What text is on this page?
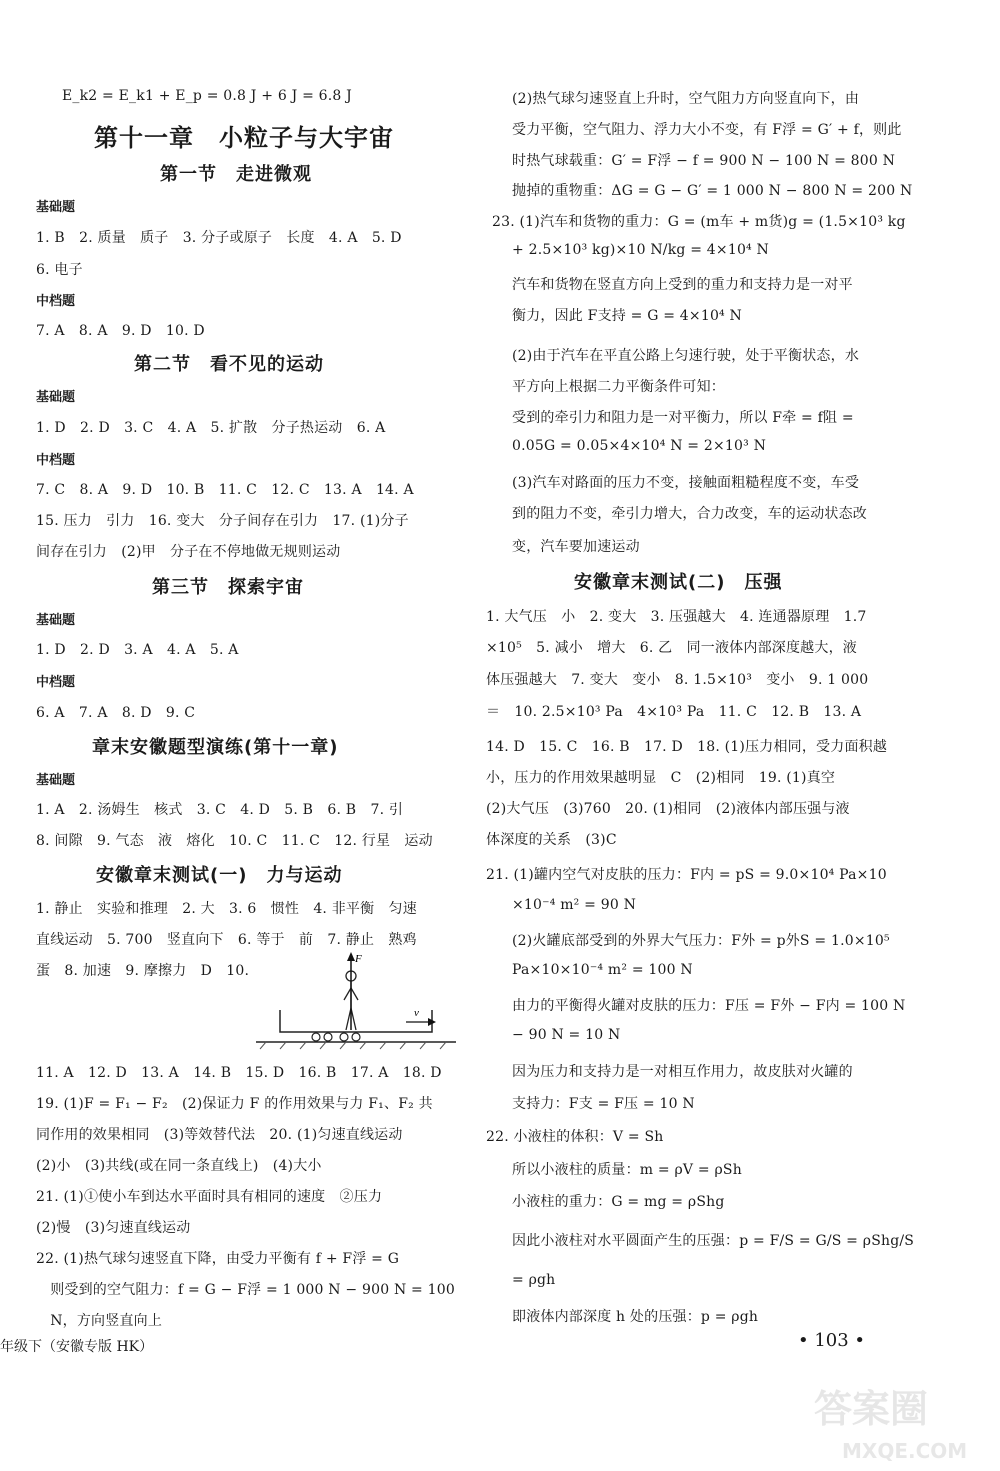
E_k2 = E_k1 + E_p = 0.8 J + 6 J = 6.8 J
第十一章　小粒子与大宇宙
第一节　走进微观
基础题
1. B　2. 质量　质子　3. 分子或原子　长度　4. A　5. D
6. 电子
中档题
7. A　8. A　9. D　10. D
第二节　看不见的运动
基础题
1. D　2. D　3. C　4. A　5. 扩散　分子热运动　6. A
中档题
7. C　8. A　9. D　10. B　11. C　12. C　13. A　14. A
15. 压力　引力　16. 变大　分子间存在引力　17. (1)分子
间存在引力　(2)甲　分子在不停地做无规则运动
第三节　探索宇宙
基础题
1. D　2. D　3. A　4. A　5. A
中档题
6. A　7. A　8. D　9. C
章末安徽题型演练(第十一章)
基础题
1. A　2. 汤姆生　核式　3. C　4. D　5. B　6. B　7. 引
8. 间隙　9. 气态　液　熔化　10. C　11. C　12. 行星　运动
安徽章末测试(一)　力与运动
1. 静止　实验和推理　2. 大　3. 6　惯性　4. 非平衡　匀速
直线运动　5. 700　竖直向下　6. 等于　前　7. 静止　熟鸡
蛋　8. 加速　9. 摩擦力　D　10.
F
v
11. A　12. D　13. A　14. B　15. D　16. B　17. A　18. D
19. (1)F = F₁ − F₂　(2)保证力 F 的作用效果与力 F₁、F₂ 共
同作用的效果相同　(3)等效替代法　20. (1)匀速直线运动
(2)小　(3)共线(或在同一条直线上)　(4)大小
21. (1)①使小车到达水平面时具有相同的速度　②压力
(2)慢　(3)匀速直线运动
22. (1)热气球匀速竖直下降，由受力平衡有 f + F浮 = G
　则受到的空气阻力：f = G − F浮 = 1 000 N − 900 N = 100
　N，方向竖直向上
年级下（安徽专版 HK）
(2)热气球匀速竖直上升时，空气阻力方向竖直向下，由
受力平衡，空气阻力、浮力大小不变，有 F浮 = G′ + f，则此
时热气球载重：G′ = F浮 − f = 900 N − 100 N = 800 N
抛掉的重物重：ΔG = G − G′ = 1 000 N − 800 N = 200 N
23. (1)汽车和货物的重力：G = (m车 + m货)g = (1.5×10³ kg
+ 2.5×10³ kg)×10 N/kg = 4×10⁴ N
汽车和货物在竖直方向上受到的重力和支持力是一对平
衡力，因此 F支持 = G = 4×10⁴ N
(2)由于汽车在平直公路上匀速行驶，处于平衡状态，水
平方向上根据二力平衡条件可知：
受到的牵引力和阻力是一对平衡力，所以 F牵 = f阻 =
0.05G = 0.05×4×10⁴ N = 2×10³ N
(3)汽车对路面的压力不变，接触面粗糙程度不变，车受
到的阻力不变，牵引力增大，合力改变，车的运动状态改
变，汽车要加速运动
安徽章末测试(二)　压强
1. 大气压　小　2. 变大　3. 压强越大　4. 连通器原理　1.7
×10⁵　5. 减小　增大　6. 乙　同一液体内部深度越大，液
体压强越大　7. 变大　变小　8. 1.5×10³　变小　9. 1 000
＝　10. 2.5×10³ Pa　4×10³ Pa　11. C　12. B　13. A
14. D　15. C　16. B　17. D　18. (1)压力相同，受力面积越
小，压力的作用效果越明显　C　(2)相同　19. (1)真空
(2)大气压　(3)760　20. (1)相同　(2)液体内部压强与液
体深度的关系　(3)C
21. (1)罐内空气对皮肤的压力：F内 = pS = 9.0×10⁴ Pa×10
×10⁻⁴ m² = 90 N
(2)火罐底部受到的外界大气压力：F外 = p外S = 1.0×10⁵
Pa×10×10⁻⁴ m² = 100 N
由力的平衡得火罐对皮肤的压力：F压 = F外 − F内 = 100 N
− 90 N = 10 N
因为压力和支持力是一对相互作用力，故皮肤对火罐的
支持力：F支 = F压 = 10 N
22. 小液柱的体积：V = Sh
所以小液柱的质量：m = ρV = ρSh
小液柱的重力：G = mg = ρShg
因此小液柱对水平圆面产生的压强：p = F/S = G/S = ρShg/S
= ρgh
即液体内部深度 h 处的压强：p = ρgh
• 103 •
答案圈
MXQE.COM
